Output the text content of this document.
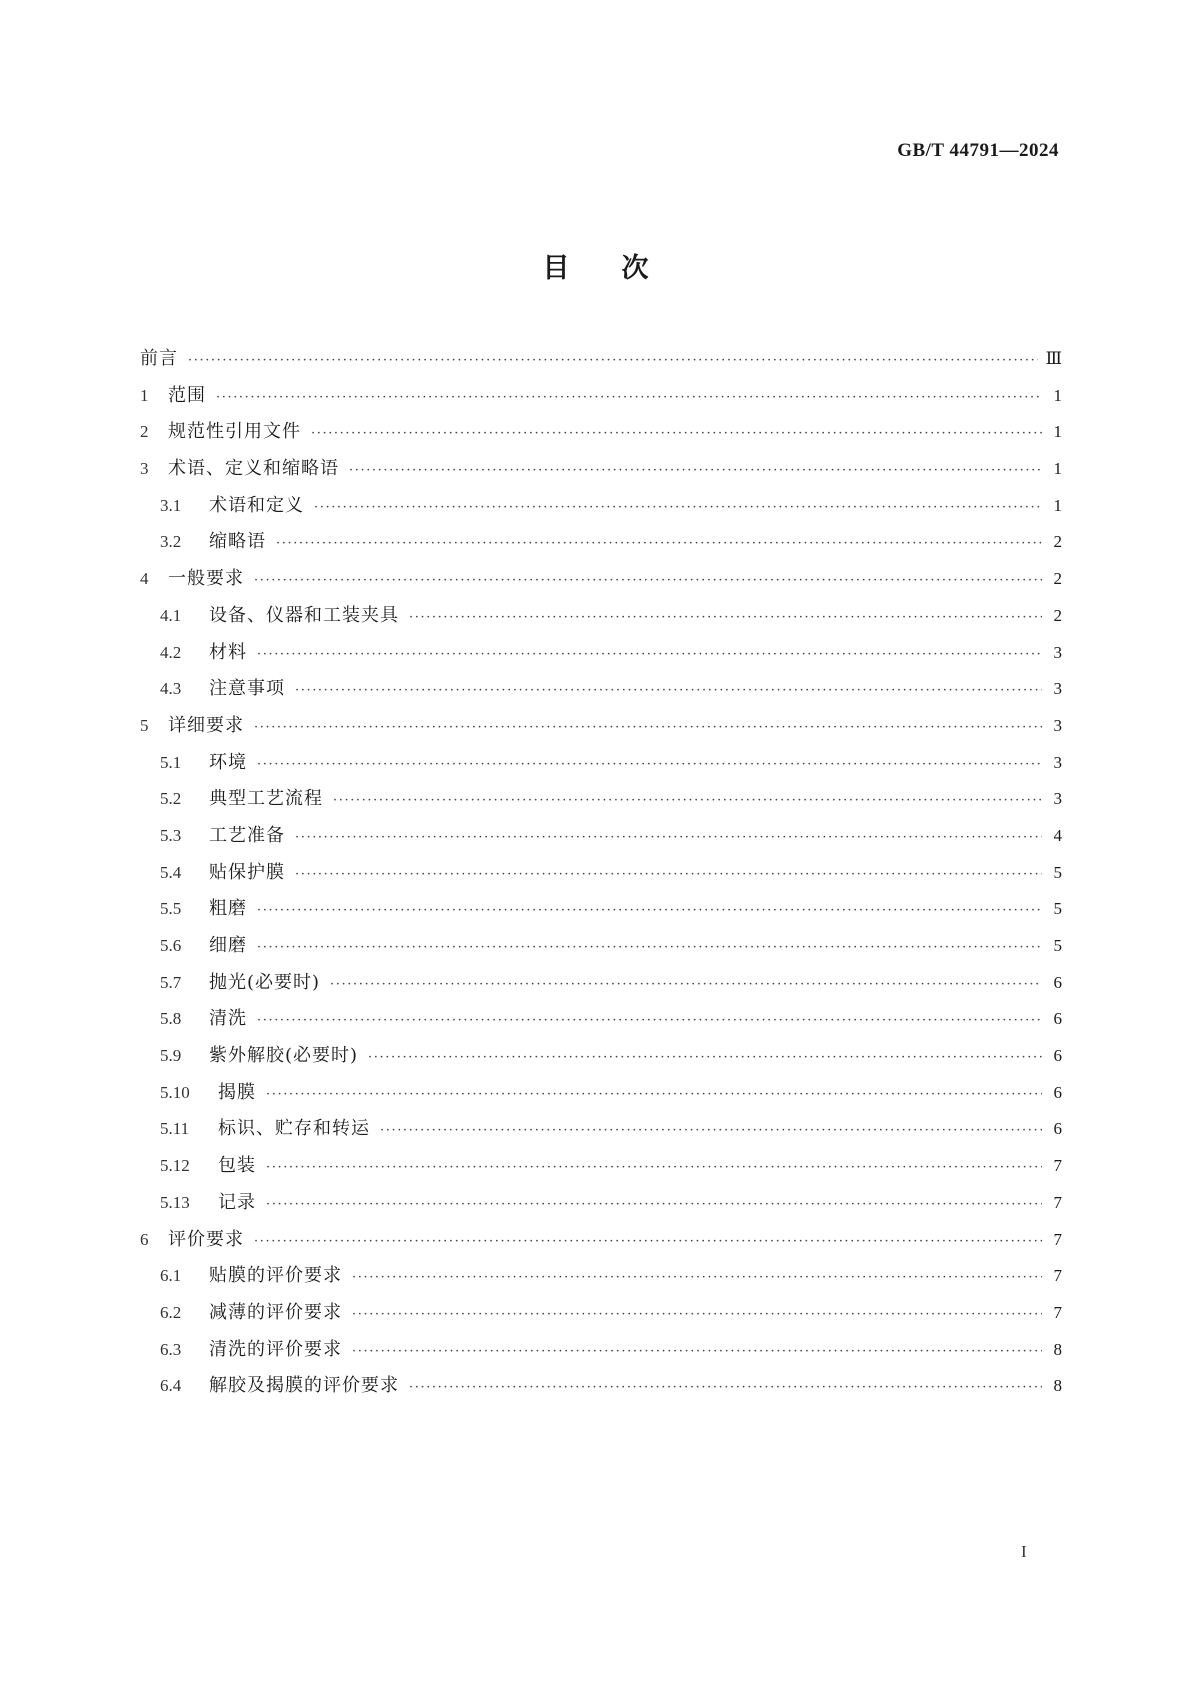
GB/T 44791—2024
目次
前言 ·····	Ⅲ
1	范围 ·····	1
2	规范性引用文件 ·····	1
3	术语、定义和缩略语 ·····	1
3.1	术语和定义 ·····	1
3.2	缩略语 ·····	2
4	一般要求 ·····	2
4.1	设备、仪器和工装夹具 ·····	2
4.2	材料 ·····	3
4.3	注意事项 ·····	3
5	详细要求 ·····	3
5.1	环境 ·····	3
5.2	典型工艺流程 ·····	3
5.3	工艺准备 ·····	4
5.4	贴保护膜 ·····	5
5.5	粗磨 ·····	5
5.6	细磨 ·····	5
5.7	抛光(必要时) ·····	6
5.8	清洗 ·····	6
5.9	紫外解胶(必要时) ·····	6
5.10	揭膜 ·····	6
5.11	标识、贮存和转运 ·····	6
5.12	包装 ·····	7
5.13	记录 ·····	7
6	评价要求 ·····	7
6.1	贴膜的评价要求 ·····	7
6.2	减薄的评价要求 ·····	7
6.3	清洗的评价要求 ·····	8
6.4	解胶及揭膜的评价要求 ·····	8
I
